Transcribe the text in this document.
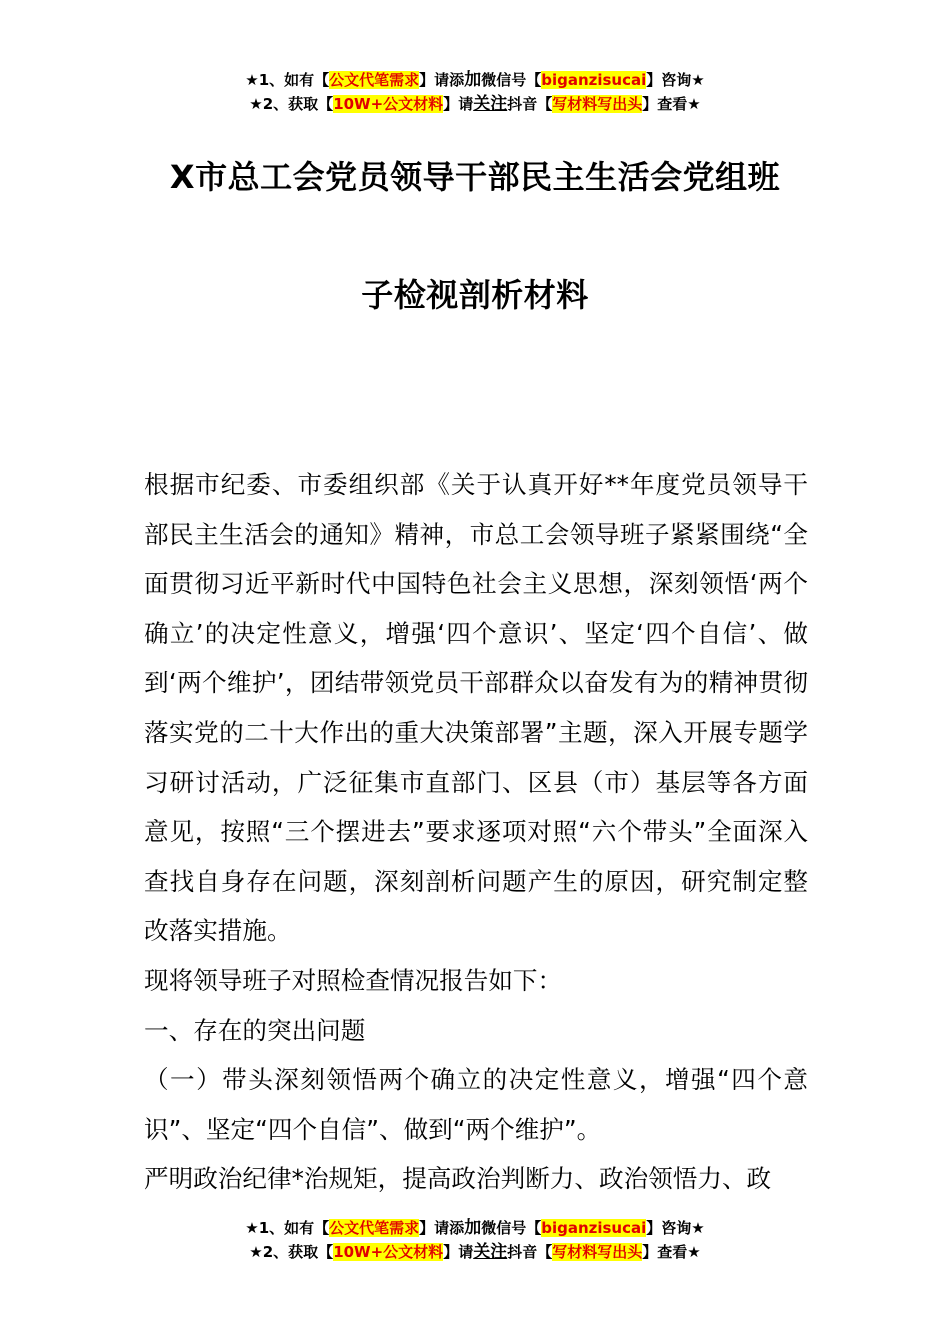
★1、如有【公文代笔需求】请添加微信号【biganzisucai】咨询★
★2、获取【10W+公文材料】请关注抖音【写材料写出头】查看★
X市总工会党员领导干部民主生活会党组班
子检视剖析材料

根据市纪委、市委组织部《关于认真开好**年度党员领导干部民主生活会的通知》精神，市总工会领导班子紧紧围绕“全面贯彻习近平新时代中国特色社会主义思想，深刻领悟‘两个确立’的决定性意义，增强‘四个意识’、坚定‘四个自信’、做到‘两个维护’，团结带领党员干部群众以奋发有为的精神贯彻落实党的二十大作出的重大决策部署”主题，深入开展专题学习研讨活动，广泛征集市直部门、区县（市）基层等各方面意见，按照“三个摆进去”要求逐项对照“六个带头”全面深入查找自身存在问题，深刻剖析问题产生的原因，研究制定整改落实措施。

现将领导班子对照检查情况报告如下：

一、存在的突出问题

（一）带头深刻领悟两个确立的决定性意义，增强“四个意识”、坚定“四个自信”、做到“两个维护”。

严明政治纪律*治规矩，提高政治判断力、政治领悟力、政

★1、如有【公文代笔需求】请添加微信号【biganzisucai】咨询★
★2、获取【10W+公文材料】请关注抖音【写材料写出头】查看★
